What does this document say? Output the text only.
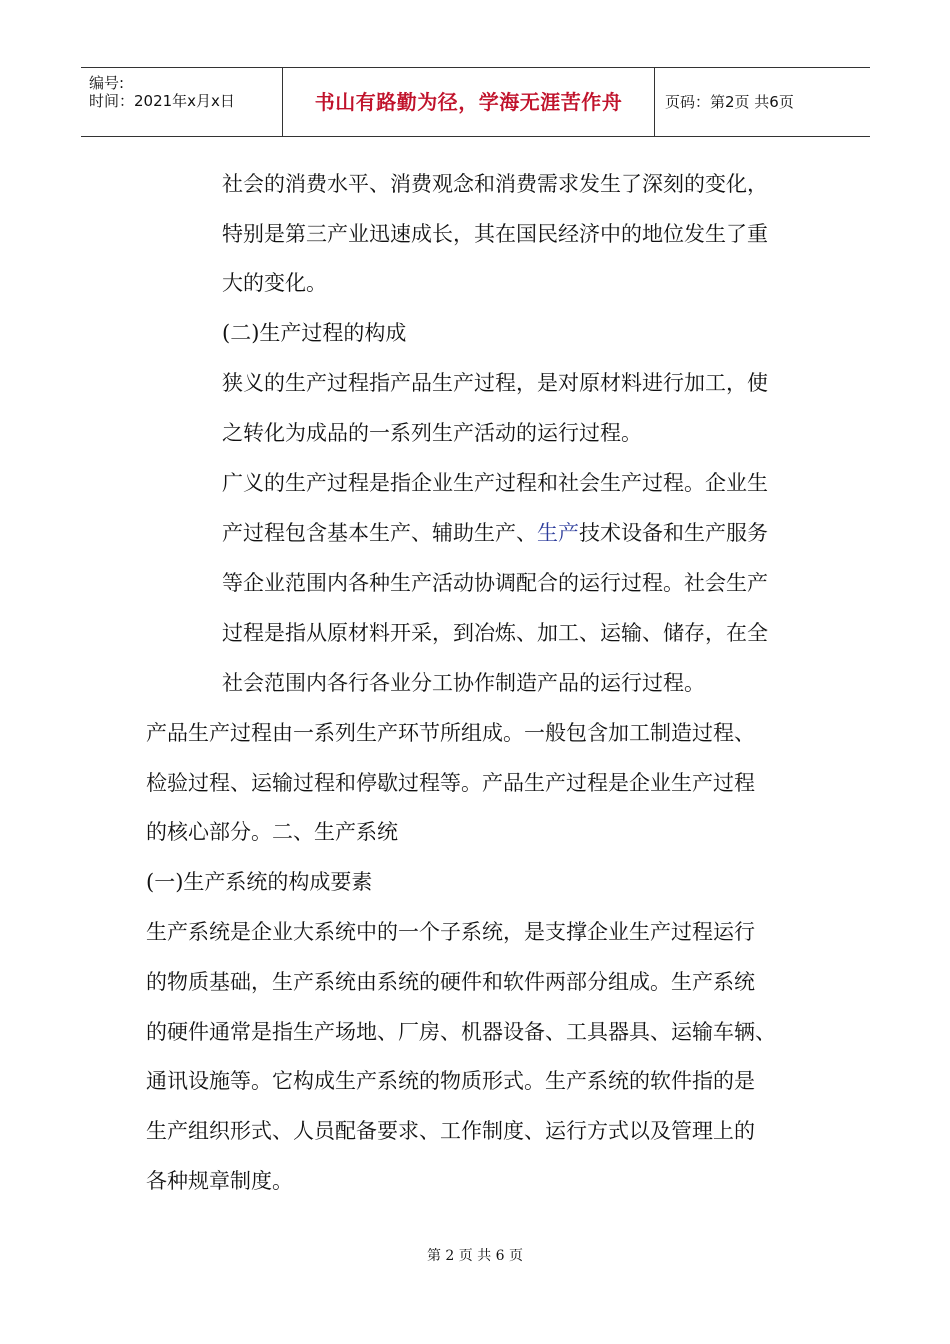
编号:
时间：2021年x月x日	书山有路勤为径，学海无涯苦作舟	页码：第2页 共6页
社会的消费水平、消费观念和消费需求发生了深刻的变化，
特别是第三产业迅速成长，其在国民经济中的地位发生了重
大的变化。
(二)生产过程的构成
狭义的生产过程指产品生产过程，是对原材料进行加工，使
之转化为成品的一系列生产活动的运行过程。
广义的生产过程是指企业生产过程和社会生产过程。企业生
产过程包含基本生产、辅助生产、生产技术设备和生产服务
等企业范围内各种生产活动协调配合的运行过程。社会生产
过程是指从原材料开采，到冶炼、加工、运输、储存，在全
社会范围内各行各业分工协作制造产品的运行过程。
产品生产过程由一系列生产环节所组成。一般包含加工制造过程、
检验过程、运输过程和停歇过程等。产品生产过程是企业生产过程
的核心部分。二、生产系统
(一)生产系统的构成要素
生产系统是企业大系统中的一个子系统，是支撑企业生产过程运行
的物质基础，生产系统由系统的硬件和软件两部分组成。生产系统
的硬件通常是指生产场地、厂房、机器设备、工具器具、运输车辆、
通讯设施等。它构成生产系统的物质形式。生产系统的软件指的是
生产组织形式、人员配备要求、工作制度、运行方式以及管理上的
各种规章制度。
第 2 页 共 6 页
